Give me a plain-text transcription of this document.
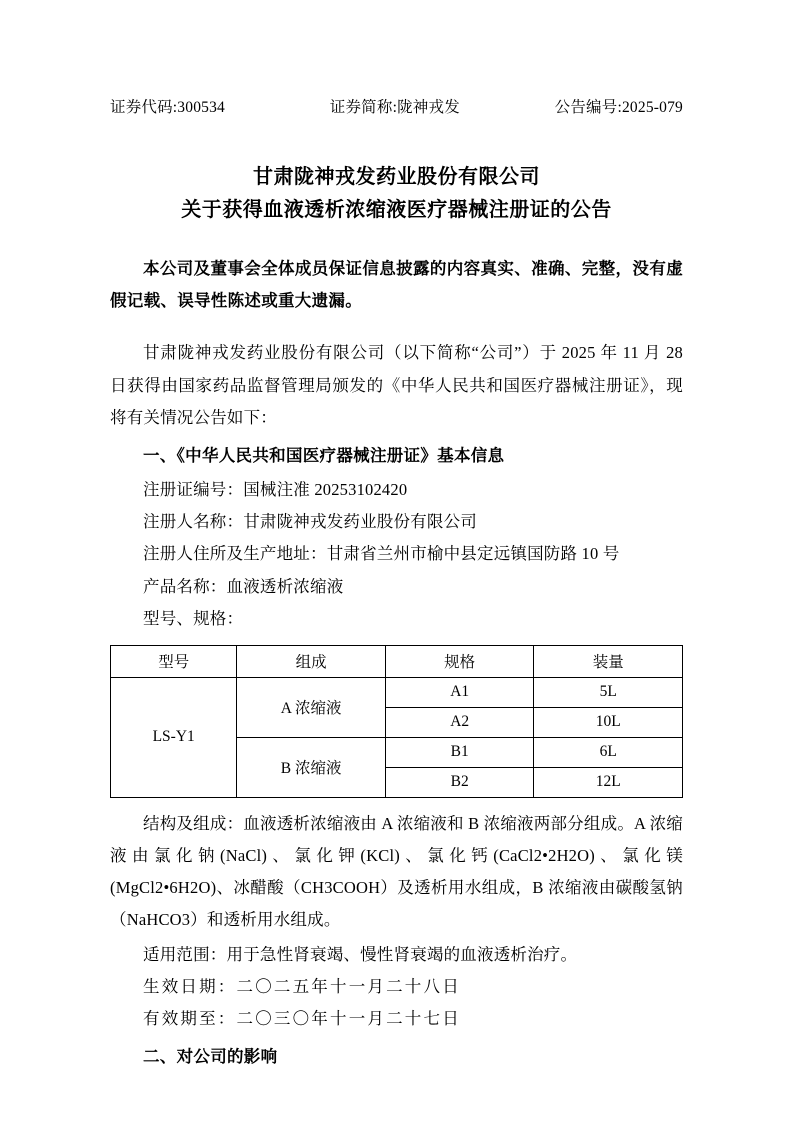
证券代码:300534	证券简称:陇神戎发	公告编号:2025-079
甘肃陇神戎发药业股份有限公司
关于获得血液透析浓缩液医疗器械注册证的公告
本公司及董事会全体成员保证信息披露的内容真实、准确、完整，没有虚假记载、误导性陈述或重大遗漏。

甘肃陇神戎发药业股份有限公司（以下简称“公司”）于 2025 年 11 月 28 日获得由国家药品监督管理局颁发的《中华人民共和国医疗器械注册证》，现将有关情况公告如下：

一、《中华人民共和国医疗器械注册证》基本信息
注册证编号：国械注准 20253102420
注册人名称：甘肃陇神戎发药业股份有限公司
注册人住所及生产地址：甘肃省兰州市榆中县定远镇国防路 10 号
产品名称：血液透析浓缩液
型号、规格：
型号	组成	规格	装量
LS-Y1	A 浓缩液	A1	5L
		A2	10L
	B 浓缩液	B1	6L
		B2	12L

结构及组成：血液透析浓缩液由 A 浓缩液和 B 浓缩液两部分组成。A 浓缩液由氯化钠(NaCl)、氯化钾(KCl)、氯化钙(CaCl2•2H2O)、氯化镁(MgCl2•6H2O)、冰醋酸（CH3COOH）及透析用水组成，B 浓缩液由碳酸氢钠（NaHCO3）和透析用水组成。

适用范围：用于急性肾衰竭、慢性肾衰竭的血液透析治疗。
生效日期：二〇二五年十一月二十八日
有效期至：二〇三〇年十一月二十七日
二、对公司的影响
